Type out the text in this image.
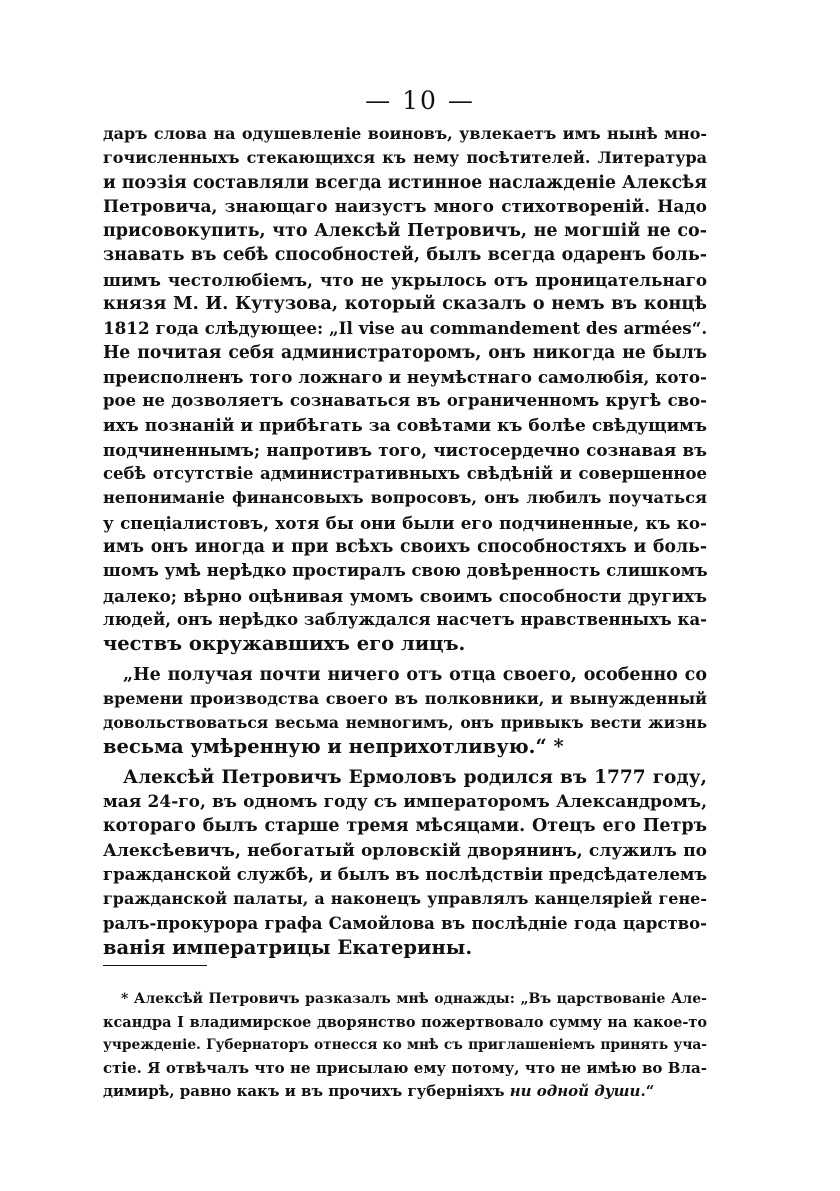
— 10 —
даръ слова на одушевленіе воиновъ, увлекаетъ имъ нынѣ мно-
гочисленныхъ стекающихся къ нему посѣтителей. Литература
и поэзія составляли всегда истинное наслажденіе Алексѣя
Петровича, знающаго наизустъ много стихотвореній. Надо
присовокупить, что Алексѣй Петровичъ, не могшій не со-
знавать въ себѣ способностей, былъ всегда одаренъ боль-
шимъ честолюбіемъ, что не укрылось отъ проницательнаго
князя М. И. Кутузова, который сказалъ о немъ въ концѣ
1812 года слѣдующее: „Il vise au commandement des armées“.
Не почитая себя администраторомъ, онъ никогда не былъ
преисполненъ того ложнаго и неумѣстнаго самолюбія, кото-
рое не дозволяетъ сознаваться въ ограниченномъ кругѣ сво-
ихъ познаній и прибѣгать за совѣтами къ болѣе свѣдущимъ
подчиненнымъ; напротивъ того, чистосердечно сознавая въ
себѣ отсутствіе административныхъ свѣдѣній и совершенное
непониманіе финансовыхъ вопросовъ, онъ любилъ поучаться
у спеціалистовъ, хотя бы они были его подчиненные, къ ко-
имъ онъ иногда и при всѣхъ своихъ способностяхъ и боль-
шомъ умѣ нерѣдко простиралъ свою довѣренность слишкомъ
далеко; вѣрно оцѣнивая умомъ своимъ способности другихъ
людей, онъ нерѣдко заблуждался насчетъ нравственныхъ ка-
чествъ окружавшихъ его лицъ.
„Не получая почти ничего отъ отца своего, особенно со
времени производства своего въ полковники, и вынужденный
довольствоваться весьма немногимъ, онъ привыкъ вести жизнь
весьма умѣренную и неприхотливую.“ *
Алексѣй Петровичъ Ермоловъ родился въ 1777 году,
мая 24-го, въ одномъ году съ императоромъ Александромъ,
котораго былъ старше тремя мѣсяцами. Отецъ его Петръ
Алексѣевичъ, небогатый орловскій дворянинъ, служилъ по
гражданской службѣ, и былъ въ послѣдствіи предсѣдателемъ
гражданской палаты, а наконецъ управлялъ канцеляріей гене-
ралъ-прокурора графа Самойлова въ послѣдніе года царство-
ванія императрицы Екатерины.
* Алексѣй Петровичъ разказалъ мнѣ однажды: „Въ царствованіе Але-
ксандра I владимирское дворянство пожертвовало сумму на какое-то
учрежденіе. Губернаторъ отнесся ко мнѣ съ приглашеніемъ принять уча-
стіе. Я отвѣчалъ что не присылаю ему потому, что не имѣю во Вла-
димирѣ, равно какъ и въ прочихъ губерніяхъ ни одной души.“
